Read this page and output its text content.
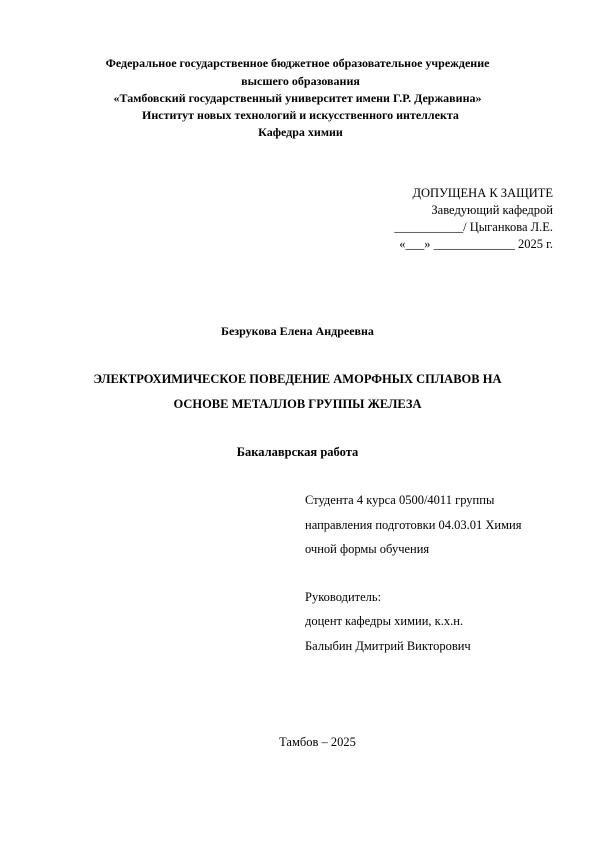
Федеральное государственное бюджетное образовательное учреждение
высшего образования
«Тамбовский государственный университет имени Г.Р. Державина»
Институт новых технологий и искусственного интеллекта
Кафедра химии
ДОПУЩЕНА К ЗАЩИТЕ
Заведующий кафедрой
___________/ Цыганкова Л.Е.
«___» _____________ 2025 г.
Безрукова Елена Андреевна
ЭЛЕКТРОХИМИЧЕСКОЕ ПОВЕДЕНИЕ АМОРФНЫХ СПЛАВОВ НА
ОСНОВЕ МЕТАЛЛОВ ГРУППЫ ЖЕЛЕЗА
Бакалаврская работа
Студента 4 курса 0500/4011 группы
направления подготовки 04.03.01 Химия
очной формы обучения
Руководитель:
доцент кафедры химии, к.х.н.
Балыбин Дмитрий Викторович
Тамбов – 2025
